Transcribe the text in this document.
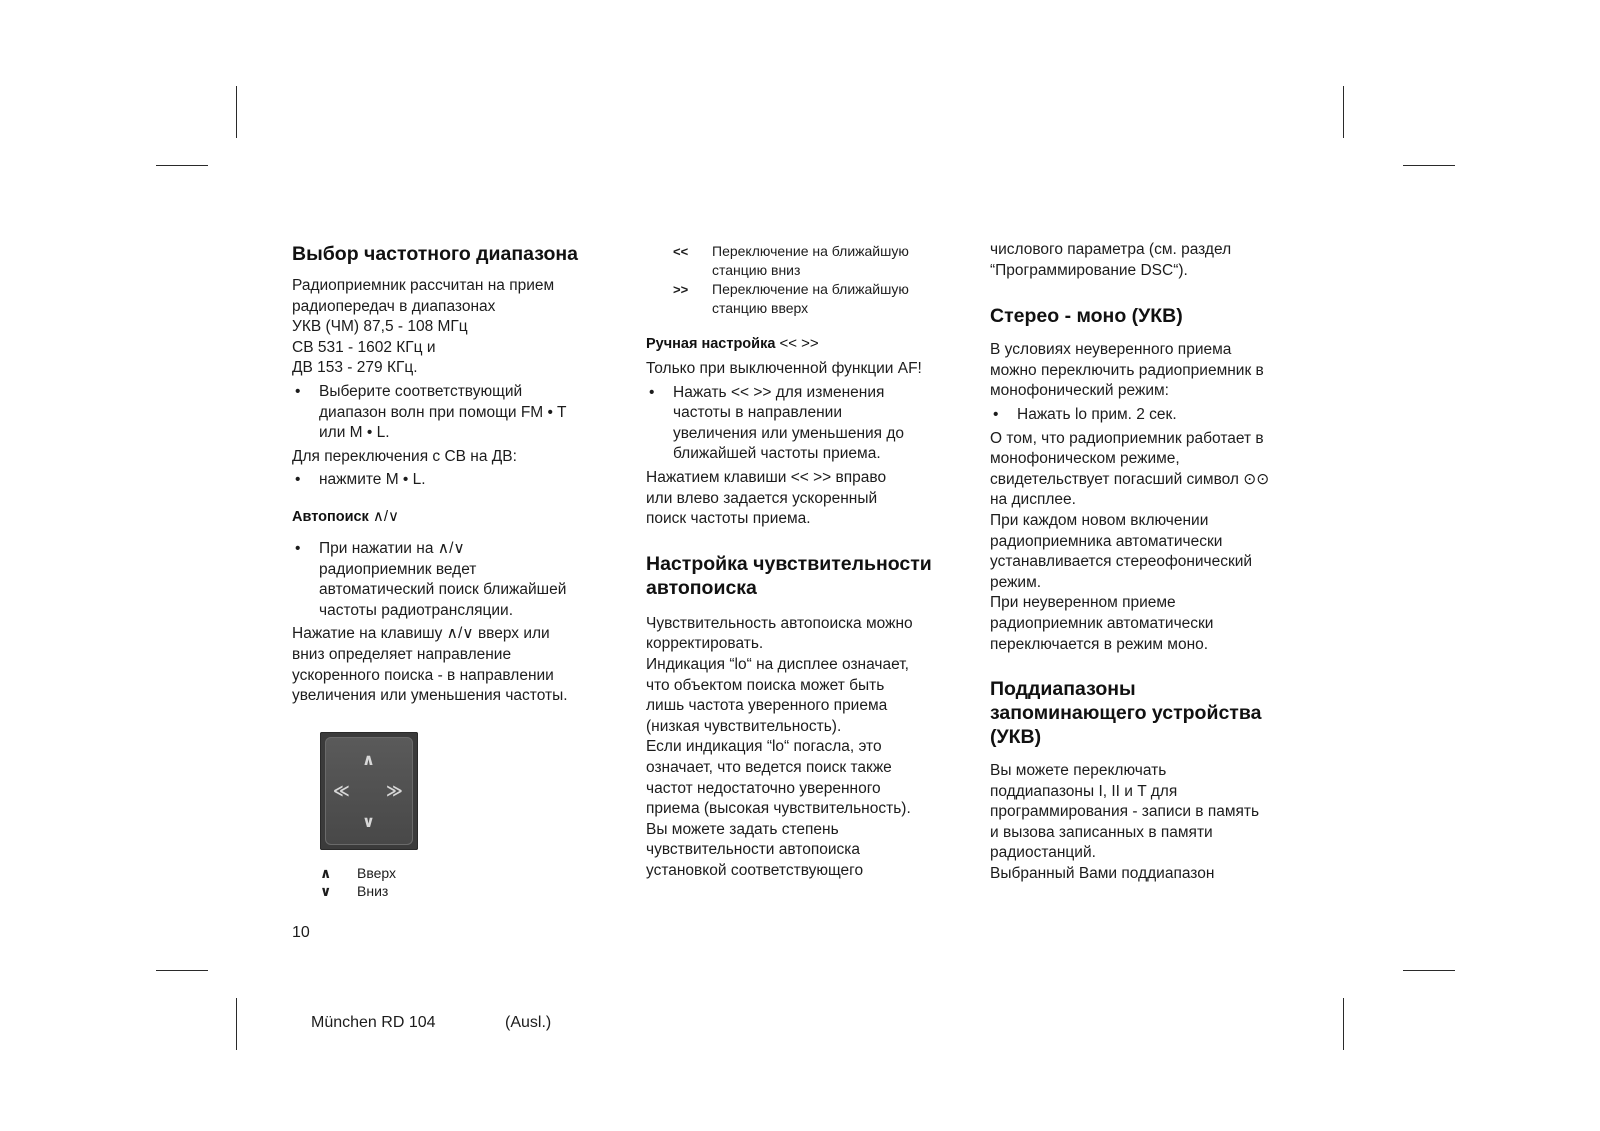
Выбор частотного диапазона

Радиоприемник рассчитан на прием

радиопередач в диапазонах

УКВ (ЧМ) 87,5 - 108 МГц

СВ 531 - 1602 КГц и

ДВ 153 - 279 КГц.

• Выберите соответствующий

диапазон волн при помощи FM • T

или M • L.

Для переключения с СВ на ДВ:

• нажмите M • L.

Автопоиск ∧/∨
• При нажатии на ∧/∨

радиоприемник ведет

автоматический поиск ближайшей

частоты радиотрансляции.

Нажатие на клавишу ∧/∨ вверх или

вниз определяет направление

ускоренного поиска - в направлении

увеличения или уменьшения частоты.

∧
≪ ≫
∨
∧ Вверх
∨ Вниз
<< Переключение на ближайшую

станцию вниз

>> Переключение на ближайшую

станцию вверх

Ручная настройка << >>

Только при выключенной функции AF!

• Нажать << >> для изменения

частоты в направлении

увеличения или уменьшения до

ближайшей частоты приема.

Нажатием клавиши << >> вправо

или влево задается ускоренный

поиск частоты приема.

Настройка чувствительности
автопоиска

Чувствительность автопоиска можно

корректировать.

Индикация “lo“ на дисплее означает,

что объектом поиска может быть

лишь частота уверенного приема

(низкая чувствительность).

Если индикация “lo“ погасла, это

означает, что ведется поиск также

частот недостаточно уверенного

приема (высокая чувствительность).

Вы можете задать степень

чувствительности автопоиска

установкой соответствующего

числового параметра (см. раздел

“Программирование DSC“).

Стерео - моно (УКВ)

В условиях неуверенного приема

можно переключить радиоприемник в

монофонический режим:

• Нажать lo прим. 2 сек.

О том, что радиоприемник работает в

монофоническом режиме,

свидетельствует погасший символ ⊙⊙

на дисплее.

При каждом новом включении

радиоприемника автоматически

устанавливается стереофонический

режим.

При неуверенном приеме

радиоприемник автоматически

переключается в режим моно.

Поддиапазоны
запоминающего устройства
(УКВ)

Вы можете переключать

поддиапазоны I, II и T для

программирования - записи в память

и вызова записанных в памяти

радиостанций.

Выбранный Вами поддиапазон

10
München RD 104	(Ausl.)
